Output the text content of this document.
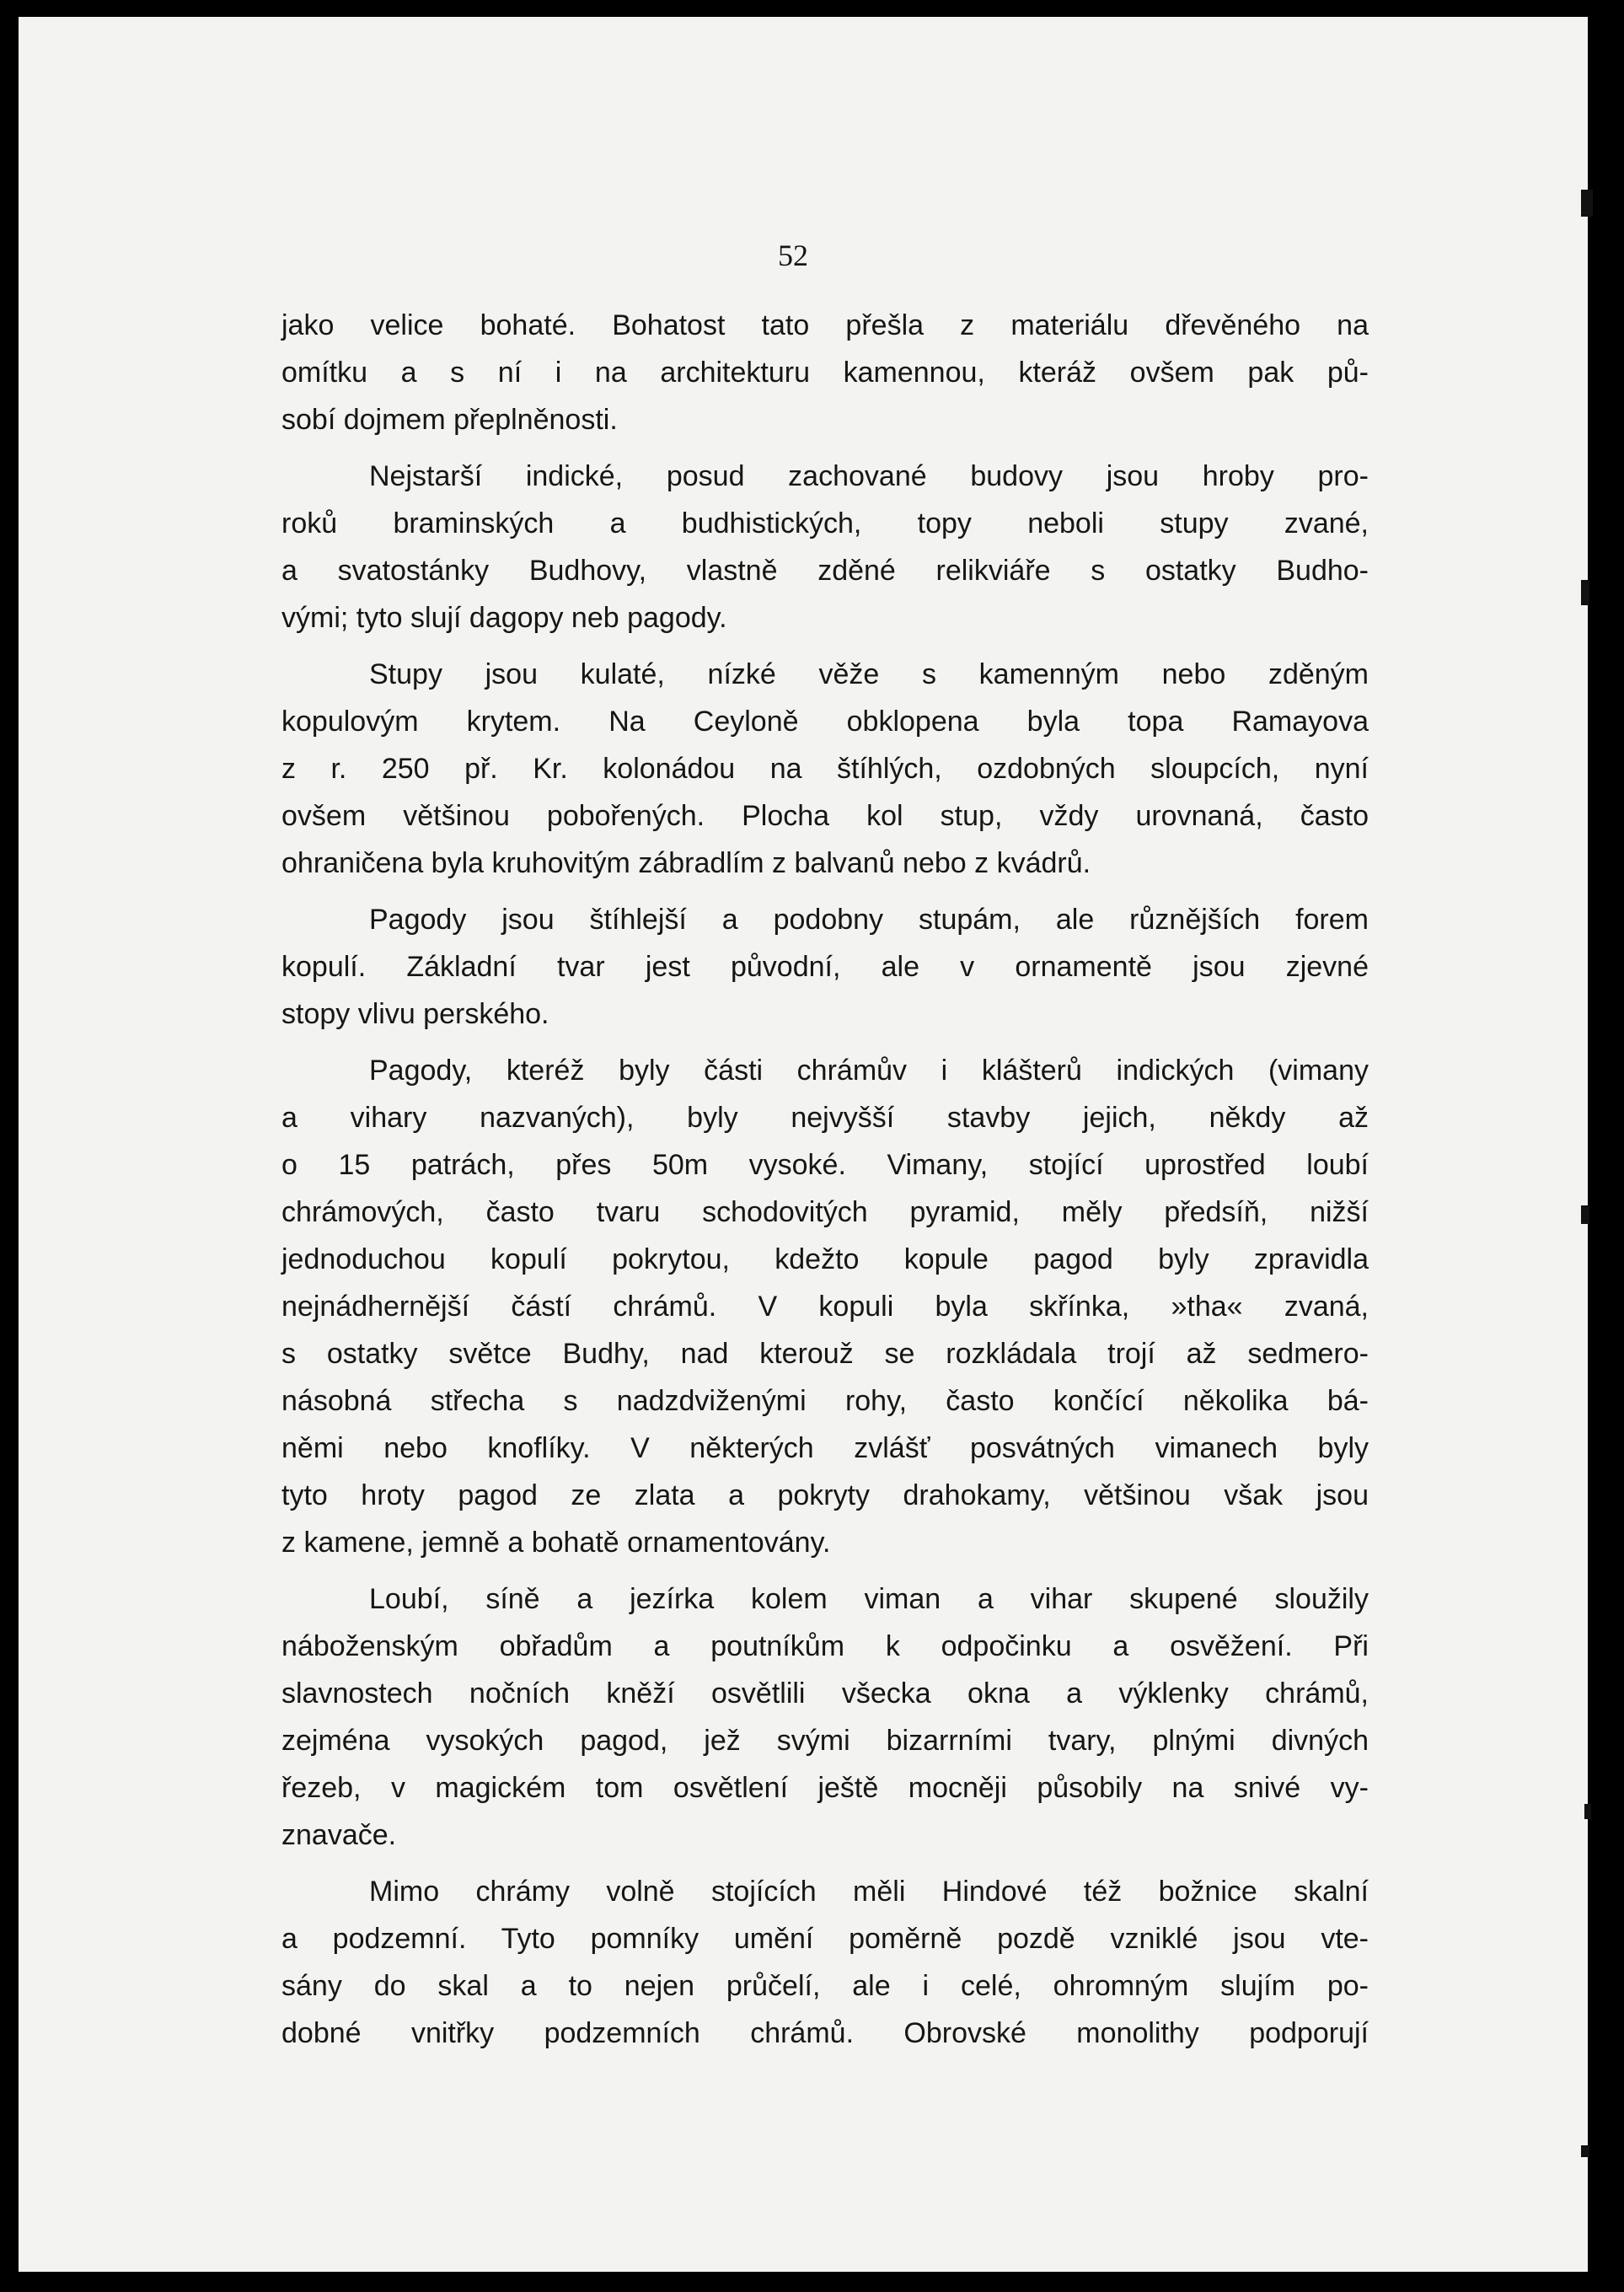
52
jako velice bohaté. Bohatost tato přešla z materiálu dřevěného na
omítku a s ní i na architekturu kamennou, kteráž ovšem pak pů-
sobí dojmem přeplněnosti.
Nejstarší indické, posud zachované budovy jsou hroby pro-
roků braminských a budhistických, topy neboli stupy zvané,
a svatostánky Budhovy, vlastně zděné relikviáře s ostatky Budho-
vými; tyto slují dagopy neb pagody.
Stupy jsou kulaté, nízké věže s kamenným nebo zděným
kopulovým krytem. Na Ceyloně obklopena byla topa Ramayova
z r. 250 př. Kr. kolonádou na štíhlých, ozdobných sloupcích, nyní
ovšem většinou pobořených. Plocha kol stup, vždy urovnaná, často
ohraničena byla kruhovitým zábradlím z balvanů nebo z kvádrů.
Pagody jsou štíhlejší a podobny stupám, ale různějších forem
kopulí. Základní tvar jest původní, ale v ornamentě jsou zjevné
stopy vlivu perského.
Pagody, kteréž byly části chrámův i klášterů indických (vimany
a vihary nazvaných), byly nejvyšší stavby jejich, někdy až
o 15 patrách, přes 50m vysoké. Vimany, stojící uprostřed loubí
chrámových, často tvaru schodovitých pyramid, měly předsíň, nižší
jednoduchou kopulí pokrytou, kdežto kopule pagod byly zpravidla
nejnádhernější částí chrámů. V kopuli byla skřínka, »tha« zvaná,
s ostatky světce Budhy, nad kterouž se rozkládala trojí až sedmero-
násobná střecha s nadzdviženými rohy, často končící několika bá-
němi nebo knoflíky. V některých zvlášť posvátných vimanech byly
tyto hroty pagod ze zlata a pokryty drahokamy, většinou však jsou
z kamene, jemně a bohatě ornamentovány.
Loubí, síně a jezírka kolem viman a vihar skupené sloužily
náboženským obřadům a poutníkům k odpočinku a osvěžení. Při
slavnostech nočních kněží osvětlili všecka okna a výklenky chrámů,
zejména vysokých pagod, jež svými bizarrními tvary, plnými divných
řezeb, v magickém tom osvětlení ještě mocněji působily na snivé vy-
znavače.
Mimo chrámy volně stojících měli Hindové též božnice skalní
a podzemní. Tyto pomníky umění poměrně pozdě vzniklé jsou vte-
sány do skal a to nejen průčelí, ale i celé, ohromným slujím po-
dobné vnitřky podzemních chrámů. Obrovské monolithy podporují
